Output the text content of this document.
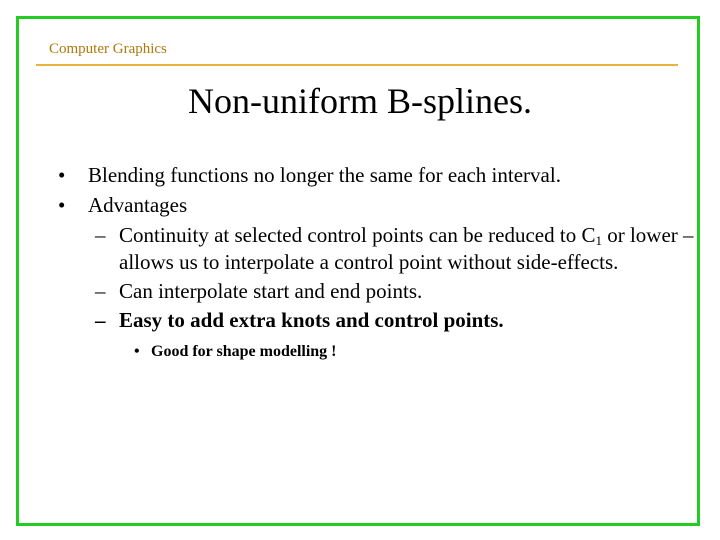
Computer Graphics
Non-uniform B-splines.
• Blending functions no longer the same for each interval.
• Advantages
– Continuity at selected control points can be reduced to $C_1$ or lower – allows us to interpolate a control point without side-effects.
– Can interpolate start and end points.
– Easy to add extra knots and control points.
• Good for shape modelling !
